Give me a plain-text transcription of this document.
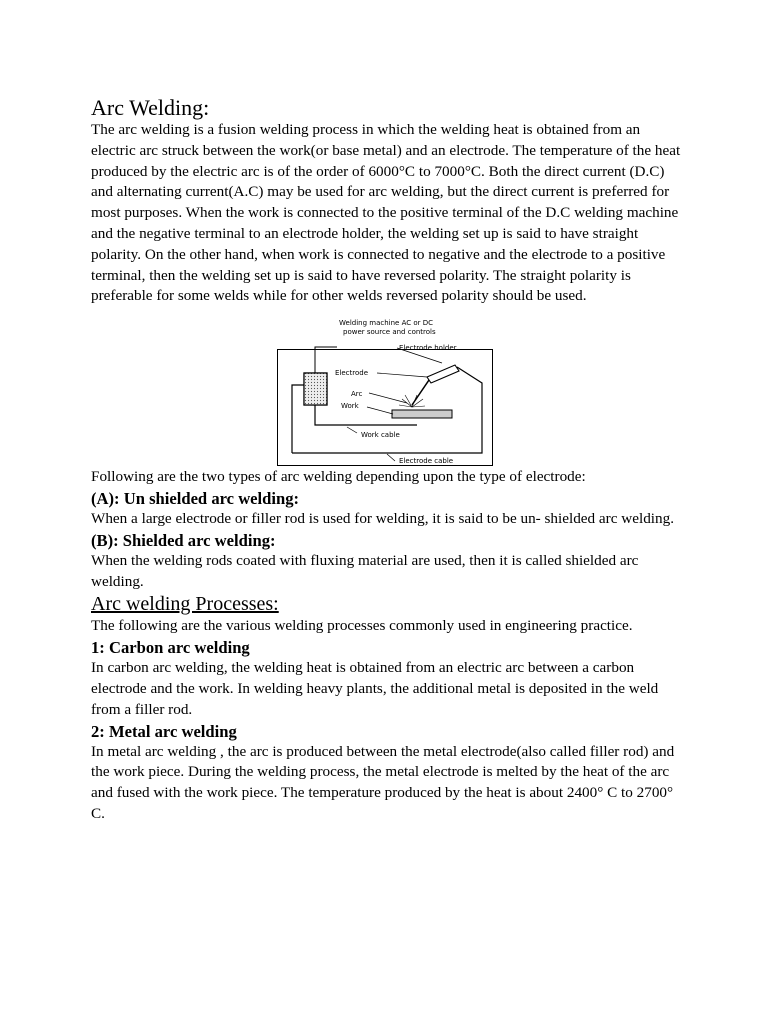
Arc Welding:

The arc welding is a fusion welding process in which the welding heat is obtained from an electric arc struck between the work(or base metal) and an electrode. The temperature of the heat produced by the electric arc is of the order of 6000°C to 7000°C. Both the direct current (D.C) and alternating current(A.C) may be used for arc welding, but the direct current is preferred for most purposes. When the work is connected to the positive terminal of the D.C welding machine and the negative terminal to an electrode holder, the welding set up is said to have straight polarity. On the other hand, when work is connected to negative and the electrode to a positive terminal, then the welding set up is said to have reversed polarity. The straight polarity is preferable for some welds while for other welds reversed polarity should be used.

Welding machine AC or DC
power source and controls
Electrode holder
Electrode
Arc
Work
Work cable
Electrode cable

Following are the two types of arc welding depending upon the type of electrode:

(A): Un shielded arc welding:

When a large electrode or filler rod is used for welding, it is said to be un- shielded arc welding.

(B): Shielded arc welding:

When the welding rods coated with fluxing material are used, then it is called shielded arc welding.

Arc welding Processes:

The following are the various welding processes commonly used in engineering practice.

1: Carbon arc welding

In carbon arc welding, the welding heat is obtained from an electric arc between a carbon electrode and the work. In welding heavy plants, the additional metal is deposited in the weld from a filler rod.

2: Metal arc welding

In metal arc welding , the arc is produced between the metal electrode(also called filler rod) and the work piece. During the welding process, the metal electrode is melted by the heat of the arc and fused with the work piece. The temperature produced by the heat is about 2400° C to 2700° C.
